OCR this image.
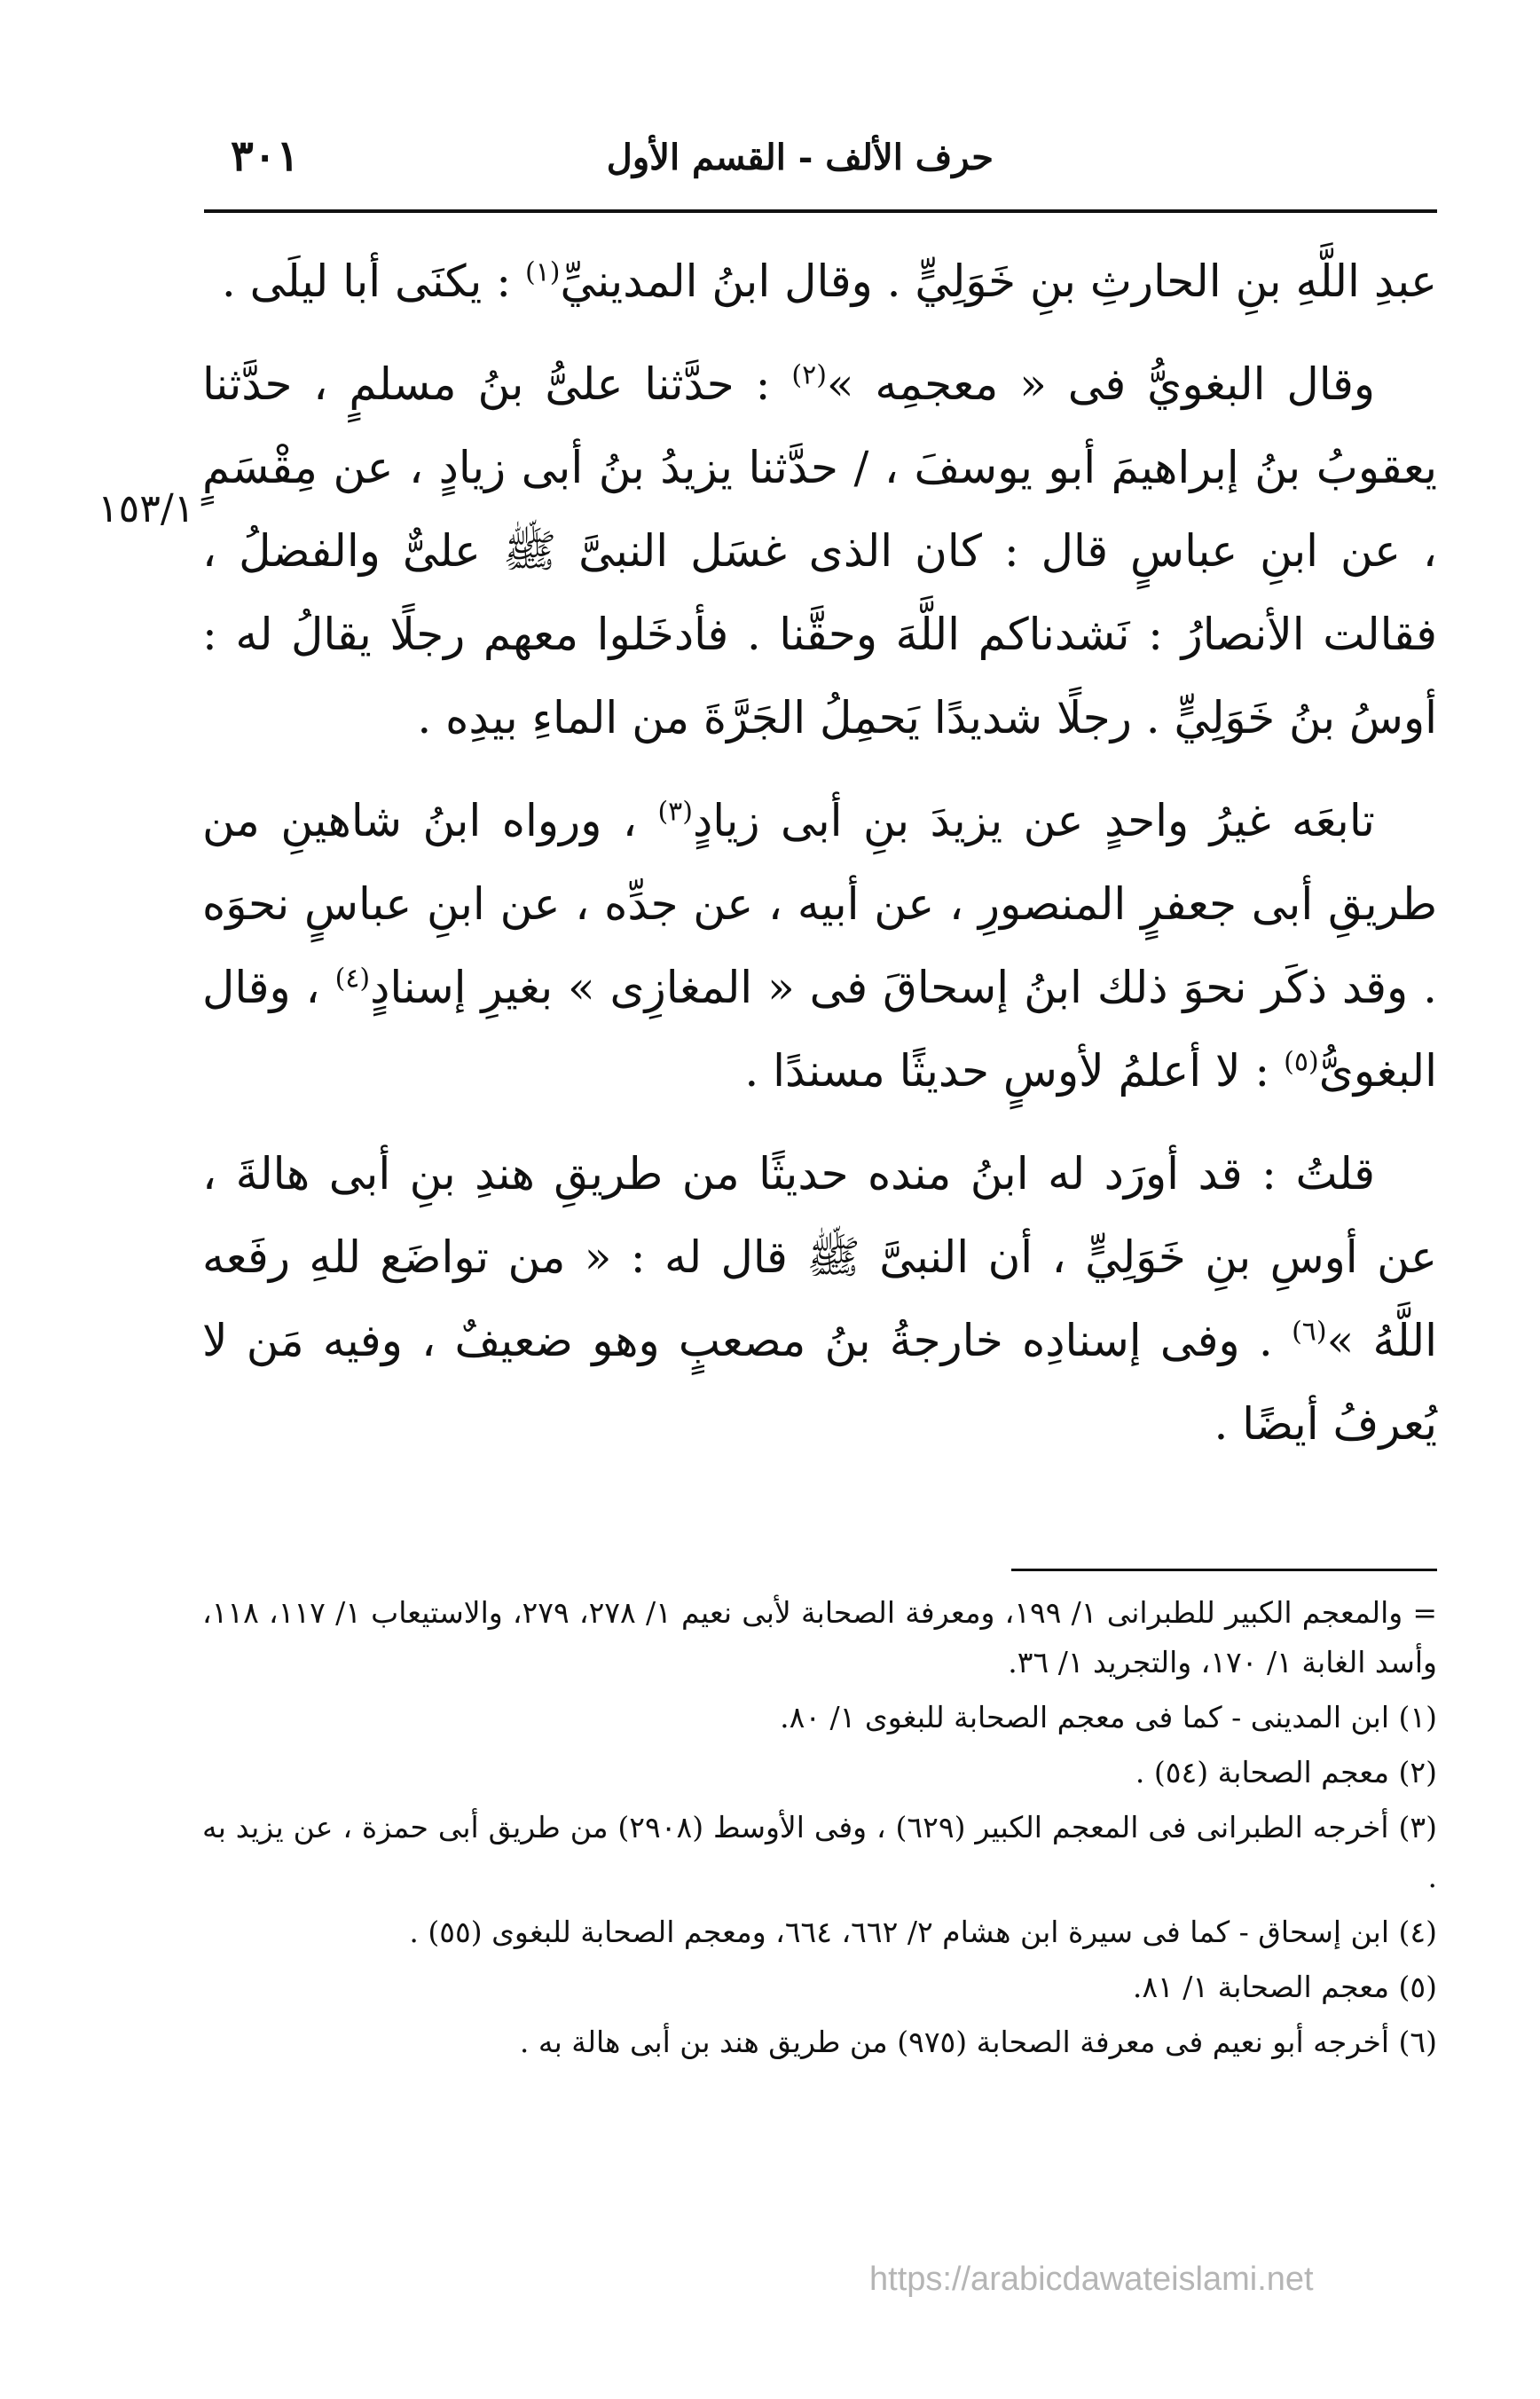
حرف الألف - القسم الأول
٣٠١
١٥٣/١

عبدِ اللَّهِ بنِ الحارثِ بنِ خَوَلِيٍّ . وقال ابنُ المدينيِّ$^{(١)}$ : يكنَى أبا ليلَى .

وقال البغويُّ فى « معجمِه »$^{(٢)}$ : حدَّثنا علىُّ بنُ مسلمٍ ، حدَّثنا يعقوبُ بنُ إبراهيمَ أبو يوسفَ ، / حدَّثنا يزيدُ بنُ أبى زيادٍ ، عن مِقْسَمٍ ، عن ابنِ عباسٍ قال : كان الذى غسَل النبىَّ ﷺ علىٌّ والفضلُ ، فقالت الأنصارُ : نَشدناكم اللَّهَ وحقَّنا . فأدخَلوا معهم رجلًا يقالُ له : أوسُ بنُ خَوَلِيٍّ . رجلًا شديدًا يَحمِلُ الجَرَّةَ من الماءِ بيدِه .

تابعَه غيرُ واحدٍ عن يزيدَ بنِ أبى زيادٍ$^{(٣)}$ ، ورواه ابنُ شاهينِ من طريقِ أبى جعفرٍ المنصورِ ، عن أبيه ، عن جدِّه ، عن ابنِ عباسٍ نحوَه . وقد ذكَر نحوَ ذلك ابنُ إسحاقَ فى « المغازِى » بغيرِ إسنادٍ$^{(٤)}$ ، وقال البغوىُّ$^{(٥)}$ : لا أعلمُ لأوسٍ حديثًا مسندًا .

قلتُ : قد أورَد له ابنُ منده حديثًا من طريقِ هندِ بنِ أبى هالةَ ، عن أوسِ بنِ خَوَلِيٍّ ، أن النبىَّ ﷺ قال له : « من تواضَع للهِ رفَعه اللَّهُ »$^{(٦)}$ . وفى إسنادِه خارجةُ بنُ مصعبٍ وهو ضعيفٌ ، وفيه مَن لا يُعرفُ أيضًا .

= والمعجم الكبير للطبرانى ١/ ١٩٩، ومعرفة الصحابة لأبى نعيم ١/ ٢٧٨، ٢٧٩، والاستيعاب ١/ ١١٧، ١١٨، وأسد الغابة ١/ ١٧٠، والتجريد ١/ ٣٦.

(١) ابن المدينى - كما فى معجم الصحابة للبغوى ١/ ٨٠.

(٢) معجم الصحابة (٥٤) .

(٣) أخرجه الطبرانى فى المعجم الكبير (٦٢٩) ، وفى الأوسط (٢٩٠٨) من طريق أبى حمزة ، عن يزيد به .

(٤) ابن إسحاق - كما فى سيرة ابن هشام ٢/ ٦٦٢، ٦٦٤، ومعجم الصحابة للبغوى (٥٥) .

(٥) معجم الصحابة ١/ ٨١.

(٦) أخرجه أبو نعيم فى معرفة الصحابة (٩٧٥) من طريق هند بن أبى هالة به .

https://arabicdawateislami.net
